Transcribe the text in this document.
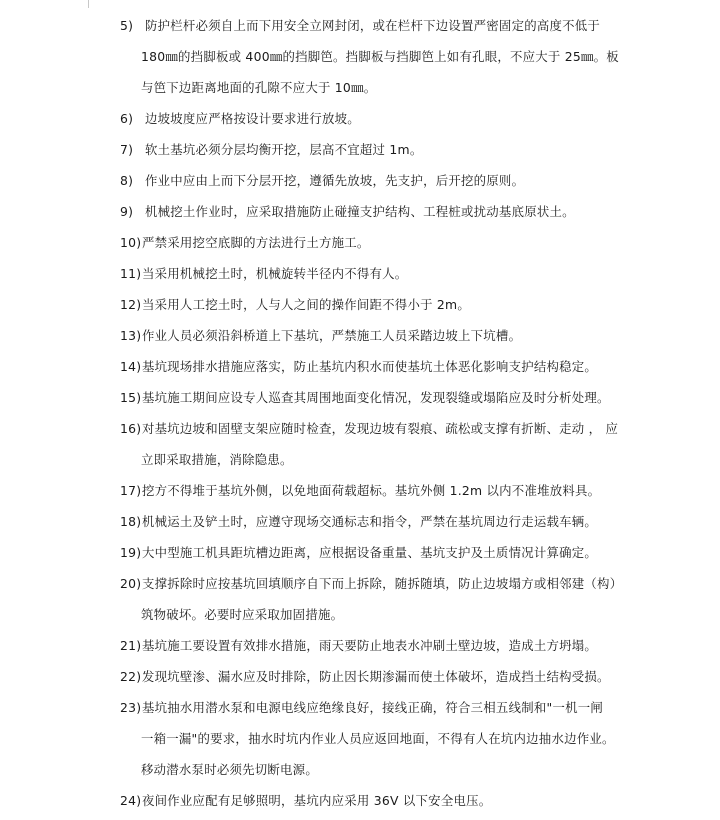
5) 防护栏杆必须自上而下用安全立网封闭，或在栏杆下边设置严密固定的高度不低于
180㎜的挡脚板或 400㎜的挡脚笆。挡脚板与挡脚笆上如有孔眼，不应大于 25㎜。板
与笆下边距离地面的孔隙不应大于 10㎜。
6) 边坡坡度应严格按设计要求进行放坡。
7) 软土基坑必须分层均衡开挖，层高不宜超过 1m。
8) 作业中应由上而下分层开挖，遵循先放坡，先支护，后开挖的原则。
9) 机械挖土作业时，应采取措施防止碰撞支护结构、工程桩或扰动基底原状土。
10)严禁采用挖空底脚的方法进行土方施工。
11)当采用机械挖土时，机械旋转半径内不得有人。
12)当采用人工挖土时，人与人之间的操作间距不得小于 2m。
13)作业人员必须沿斜桥道上下基坑，严禁施工人员采踏边坡上下坑槽。
14)基坑现场排水措施应落实，防止基坑内积水而使基坑土体恶化影响支护结构稳定。
15)基坑施工期间应设专人巡查其周围地面变化情况，发现裂缝或塌陷应及时分析处理。
16)对基坑边坡和固壁支架应随时检查，发现边坡有裂痕、疏松或支撑有折断、走动 ， 应
立即采取措施，消除隐患。
17)挖方不得堆于基坑外侧，以免地面荷载超标。基坑外侧 1.2m 以内不准堆放料具。
18)机械运土及铲土时，应遵守现场交通标志和指令，严禁在基坑周边行走运载车辆。
19)大中型施工机具距坑槽边距离，应根据设备重量、基坑支护及土质情况计算确定。
20)支撑拆除时应按基坑回填顺序自下而上拆除，随拆随填，防止边坡塌方或相邻建（构）
筑物破坏。必要时应采取加固措施。
21)基坑施工要设置有效排水措施，雨天要防止地表水冲刷土壁边坡，造成土方坍塌。
22)发现坑壁渗、漏水应及时排除，防止因长期渗漏而使土体破坏，造成挡土结构受损。
23)基坑抽水用潜水泵和电源电线应绝缘良好，接线正确，符合三相五线制和"一机一闸
一箱一漏"的要求，抽水时坑内作业人员应返回地面，不得有人在坑内边抽水边作业。
移动潜水泵时必须先切断电源。
24)夜间作业应配有足够照明，基坑内应采用 36V 以下安全电压。
